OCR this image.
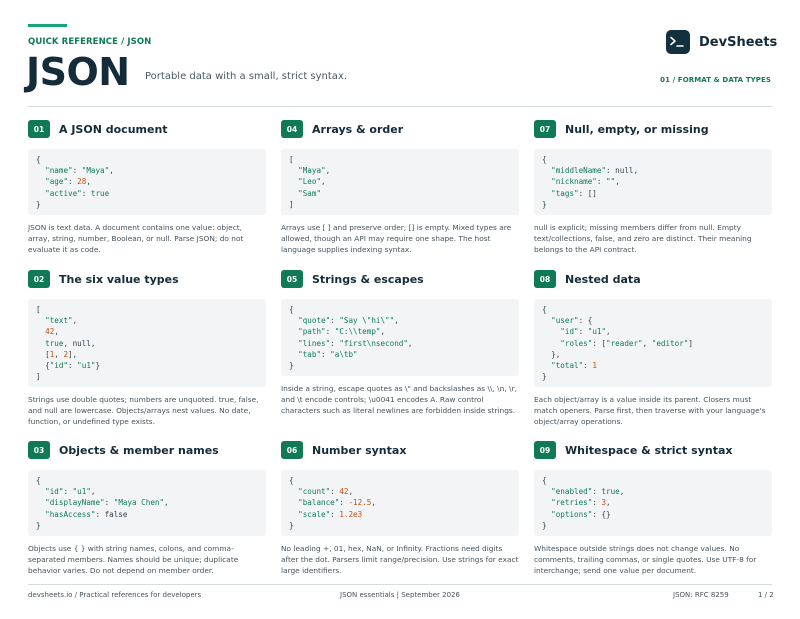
QUICK REFERENCE / JSON
JSON Portable data with a small, strict syntax.
DevSheets
01 / FORMAT & DATA TYPES
01	A JSON document
{
"name": "Maya",
"age": 28,
"active": true
}
JSON is text data. A document contains one value: object, array, string, number, Boolean, or null. Parse JSON; do not evaluate it as code.
04	Arrays & order
[
"Maya",
"Leo",
"Sam"
]
Arrays use [ ] and preserve order; [] is empty. Mixed types are allowed, though an API may require one shape. The host language supplies indexing syntax.
07	Null, empty, or missing
{
"middleName": null,
"nickname": "",
"tags": []
}
null is explicit; missing members differ from null. Empty text/collections, false, and zero are distinct. Their meaning belongs to the API contract.
02	The six value types
[
"text",
42,
true, null,
[1, 2],
{"id": "u1"}
]
Strings use double quotes; numbers are unquoted. true, false, and null are lowercase. Objects/arrays nest values. No date, function, or undefined type exists.
05	Strings & escapes
{
"quote": "Say \"hi\"",
"path": "C:\\temp",
"lines": "first\nsecond",
"tab": "a\tb"
}
Inside a string, escape quotes as \" and backslashes as \\, \n, \r, and \t encode controls; \u0041 encodes A. Raw control characters such as literal newlines are forbidden inside strings.
08	Nested data
{
"user": {
"id": "u1",
"roles": ["reader", "editor"]
},
"total": 1
}
Each object/array is a value inside its parent. Closers must match openers. Parse first, then traverse with your language's object/array operations.
03	Objects & member names
{
"id": "u1",
"displayName": "Maya Chen",
"hasAccess": false
}
Objects use { } with string names, colons, and comma-separated members. Names should be unique; duplicate behavior varies. Do not depend on member order.
06	Number syntax
{
"count": 42,
"balance": -12.5,
"scale": 1.2e3
}
No leading +, 01, hex, NaN, or Infinity. Fractions need digits after the dot. Parsers limit range/precision. Use strings for exact large identifiers.
09	Whitespace & strict syntax
{
"enabled": true,
"retries": 3,
"options": {}
}
Whitespace outside strings does not change values. No comments, trailing commas, or single quotes. Use UTF-8 for interchange; send one value per document.
devsheets.io / Practical references for developers	JSON essentials | September 2026	JSON: RFC 8259	1 / 2
